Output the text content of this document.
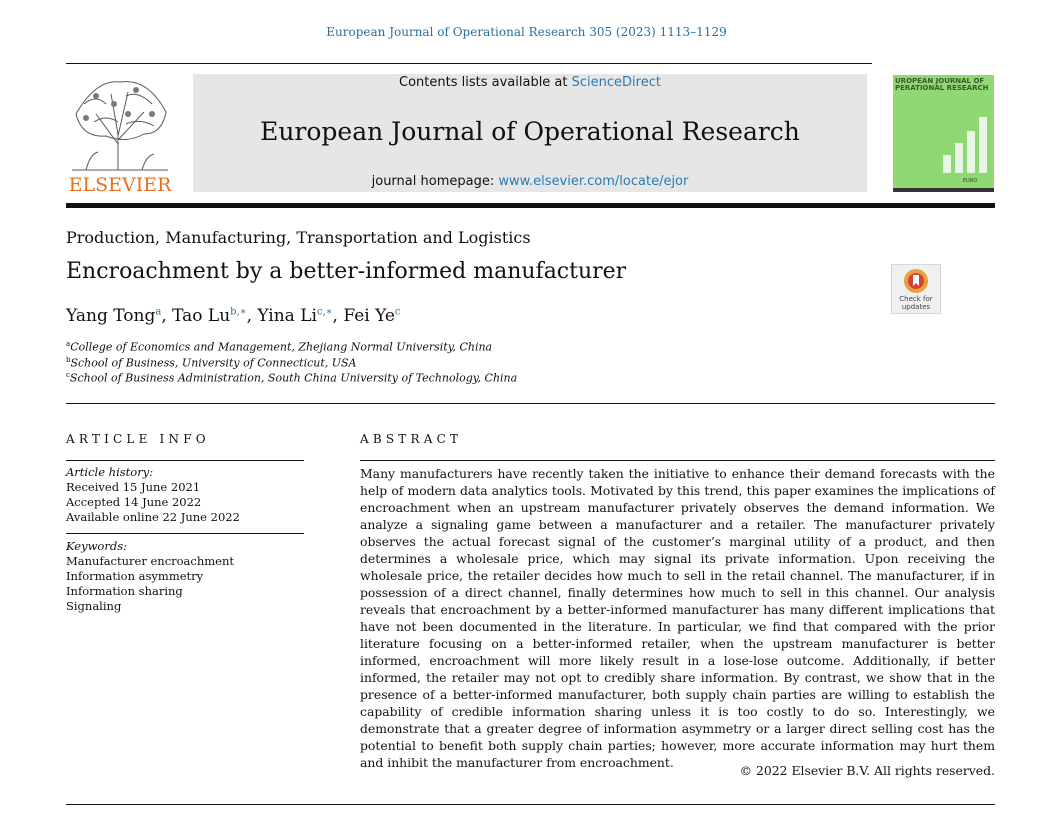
European Journal of Operational Research 305 (2023) 1113–1129
ELSEVIER
Contents lists available at ScienceDirect
European Journal of Operational Research
journal homepage: www.elsevier.com/locate/ejor
UROPEAN JOURNAL OF
PERATIONAL RESEARCH
EURO
Production, Manufacturing, Transportation and Logistics
Encroachment by a better-informed manufacturer
Check for
updates
Yang Tong$^a$, Tao $Lu^{b,∗}$, Yina $Li^{c,∗}$, Fei Ye$^c$
$^a$College of Economics and Management, Zhejiang Normal University, China
$^b$School of Business, University of Connecticut, USA
$^c$School of Business Administration, South China University of Technology, China
ARTICLE INFO	ABSTRACT
Article history:
Received 15 June 2021
Accepted 14 June 2022
Available online 22 June 2022
Keywords:
Manufacturer encroachment
Information asymmetry
Information sharing
Signaling
Many manufacturers have recently taken the initiative to enhance their demand forecasts with the help of modern data analytics tools. Motivated by this trend, this paper examines the implications of encroachment when an upstream manufacturer privately observes the demand information. We analyze a signaling game between a manufacturer and a retailer. The manufacturer privately observes the actual forecast signal of the customer’s marginal utility of a product, and then determines a wholesale price, which may signal its private information. Upon receiving the wholesale price, the retailer decides how much to sell in the retail channel. The manufacturer, if in possession of a direct channel, finally determines how much to sell in this channel. Our analysis reveals that encroachment by a better-informed manufacturer has many different implications that have not been documented in the literature. In particular, we find that compared with the prior literature focusing on a better-informed retailer, when the upstream manufacturer is better informed, encroachment will more likely result in a lose-lose outcome. Additionally, if better informed, the retailer may not opt to credibly share information. By contrast, we show that in the presence of a better-informed manufacturer, both supply chain parties are willing to establish the capability of credible information sharing unless it is too costly to do so. Interestingly, we demonstrate that a greater degree of information asymmetry or a larger direct selling cost has the potential to benefit both supply chain parties; however, more accurate information may hurt them and inhibit the manufacturer from encroachment.
© 2022 Elsevier B.V. All rights reserved.
